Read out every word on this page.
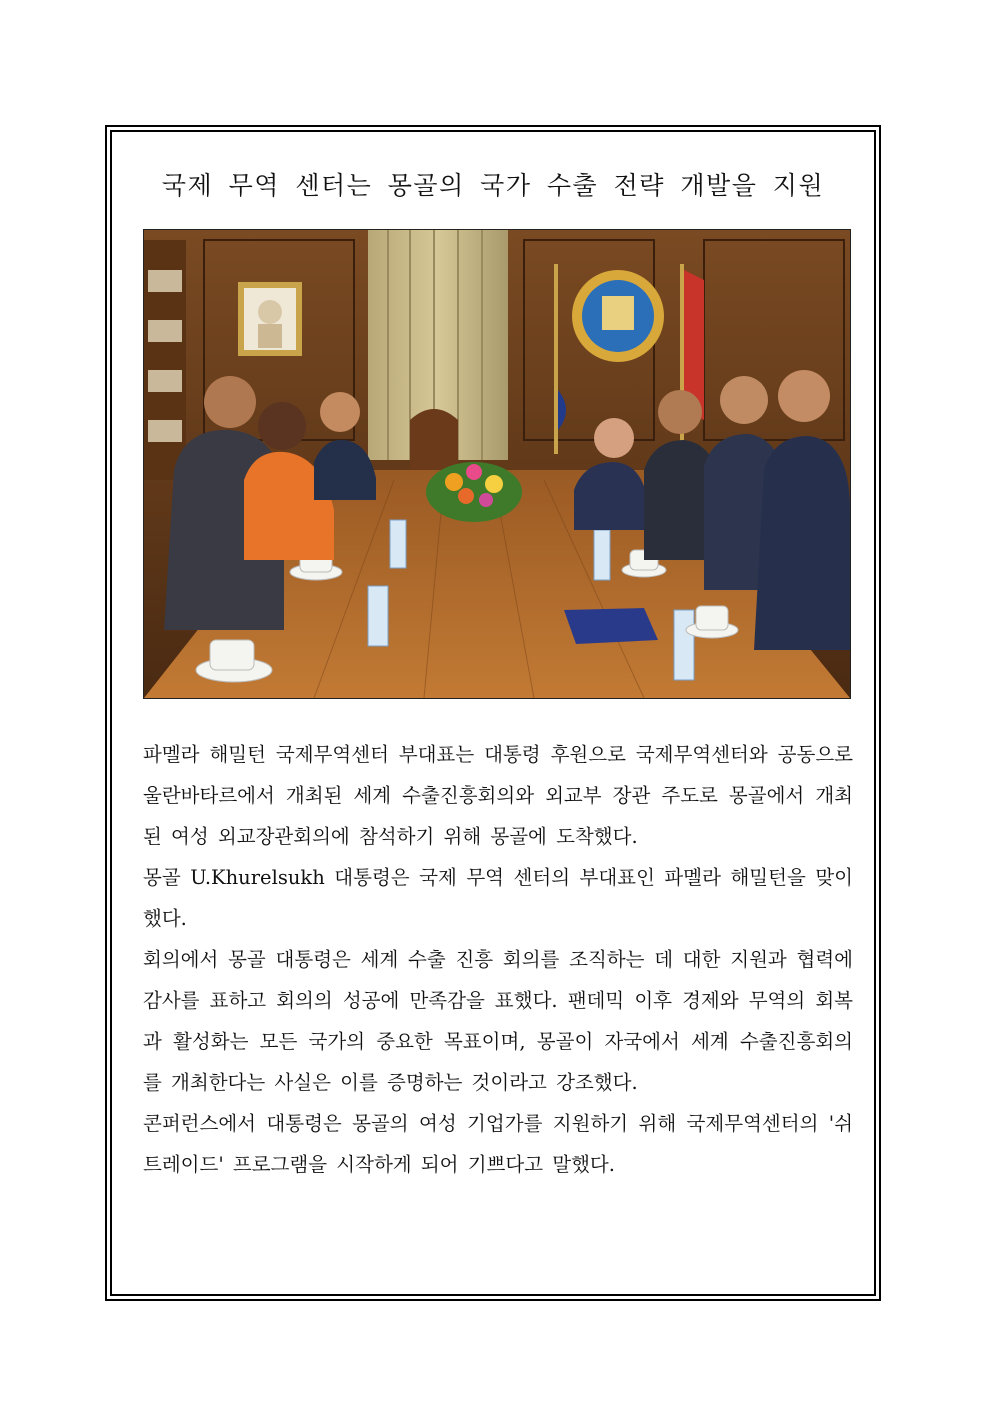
국제 무역 센터는 몽골의 국가 수출 전략 개발을 지원

파멜라 해밀턴 국제무역센터 부대표는 대통령 후원으로 국제무역센터와 공동으로 울란바타르에서 개최된 세계 수출진흥회의와 외교부 장관 주도로 몽골에서 개최된 여성 외교장관회의에 참석하기 위해 몽골에 도착했다.

몽골 U.Khurelsukh 대통령은 국제 무역 센터의 부대표인 파멜라 해밀턴을 맞이했다.

회의에서 몽골 대통령은 세계 수출 진흥 회의를 조직하는 데 대한 지원과 협력에 감사를 표하고 회의의 성공에 만족감을 표했다. 팬데믹 이후 경제와 무역의 회복과 활성화는 모든 국가의 중요한 목표이며, 몽골이 자국에서 세계 수출진흥회의를 개최한다는 사실은 이를 증명하는 것이라고 강조했다.

콘퍼런스에서 대통령은 몽골의 여성 기업가를 지원하기 위해 국제무역센터의 '쉬트레이드' 프로그램을 시작하게 되어 기쁘다고 말했다.
